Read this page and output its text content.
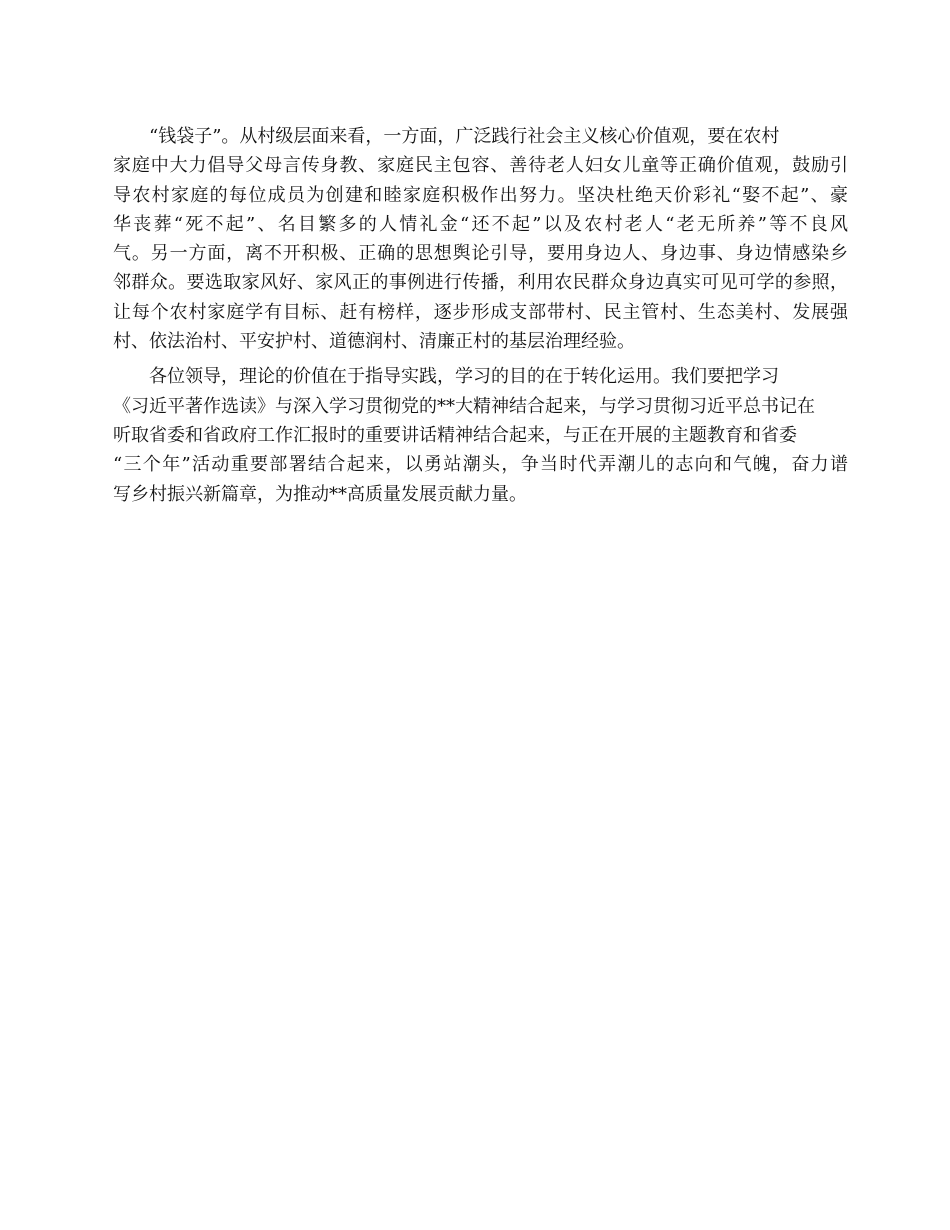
“钱袋子”。从村级层面来看，一方面，广泛践行社会主义核心价值观，要在农村
家庭中大力倡导父母言传身教、家庭民主包容、善待老人妇女儿童等正确价值观，鼓励引
导农村家庭的每位成员为创建和睦家庭积极作出努力。坚决杜绝天价彩礼“娶不起”、豪
华丧葬“死不起”、名目繁多的人情礼金“还不起”以及农村老人“老无所养”等不良风
气。另一方面，离不开积极、正确的思想舆论引导，要用身边人、身边事、身边情感染乡
邻群众。要选取家风好、家风正的事例进行传播，利用农民群众身边真实可见可学的参照，
让每个农村家庭学有目标、赶有榜样，逐步形成支部带村、民主管村、生态美村、发展强
村、依法治村、平安护村、道德润村、清廉正村的基层治理经验。
各位领导，理论的价值在于指导实践，学习的目的在于转化运用。我们要把学习
《习近平著作选读》与深入学习贯彻党的**大精神结合起来，与学习贯彻习近平总书记在
听取省委和省政府工作汇报时的重要讲话精神结合起来，与正在开展的主题教育和省委
“三个年”活动重要部署结合起来，以勇站潮头，争当时代弄潮儿的志向和气魄，奋力谱
写乡村振兴新篇章，为推动**高质量发展贡献力量。
